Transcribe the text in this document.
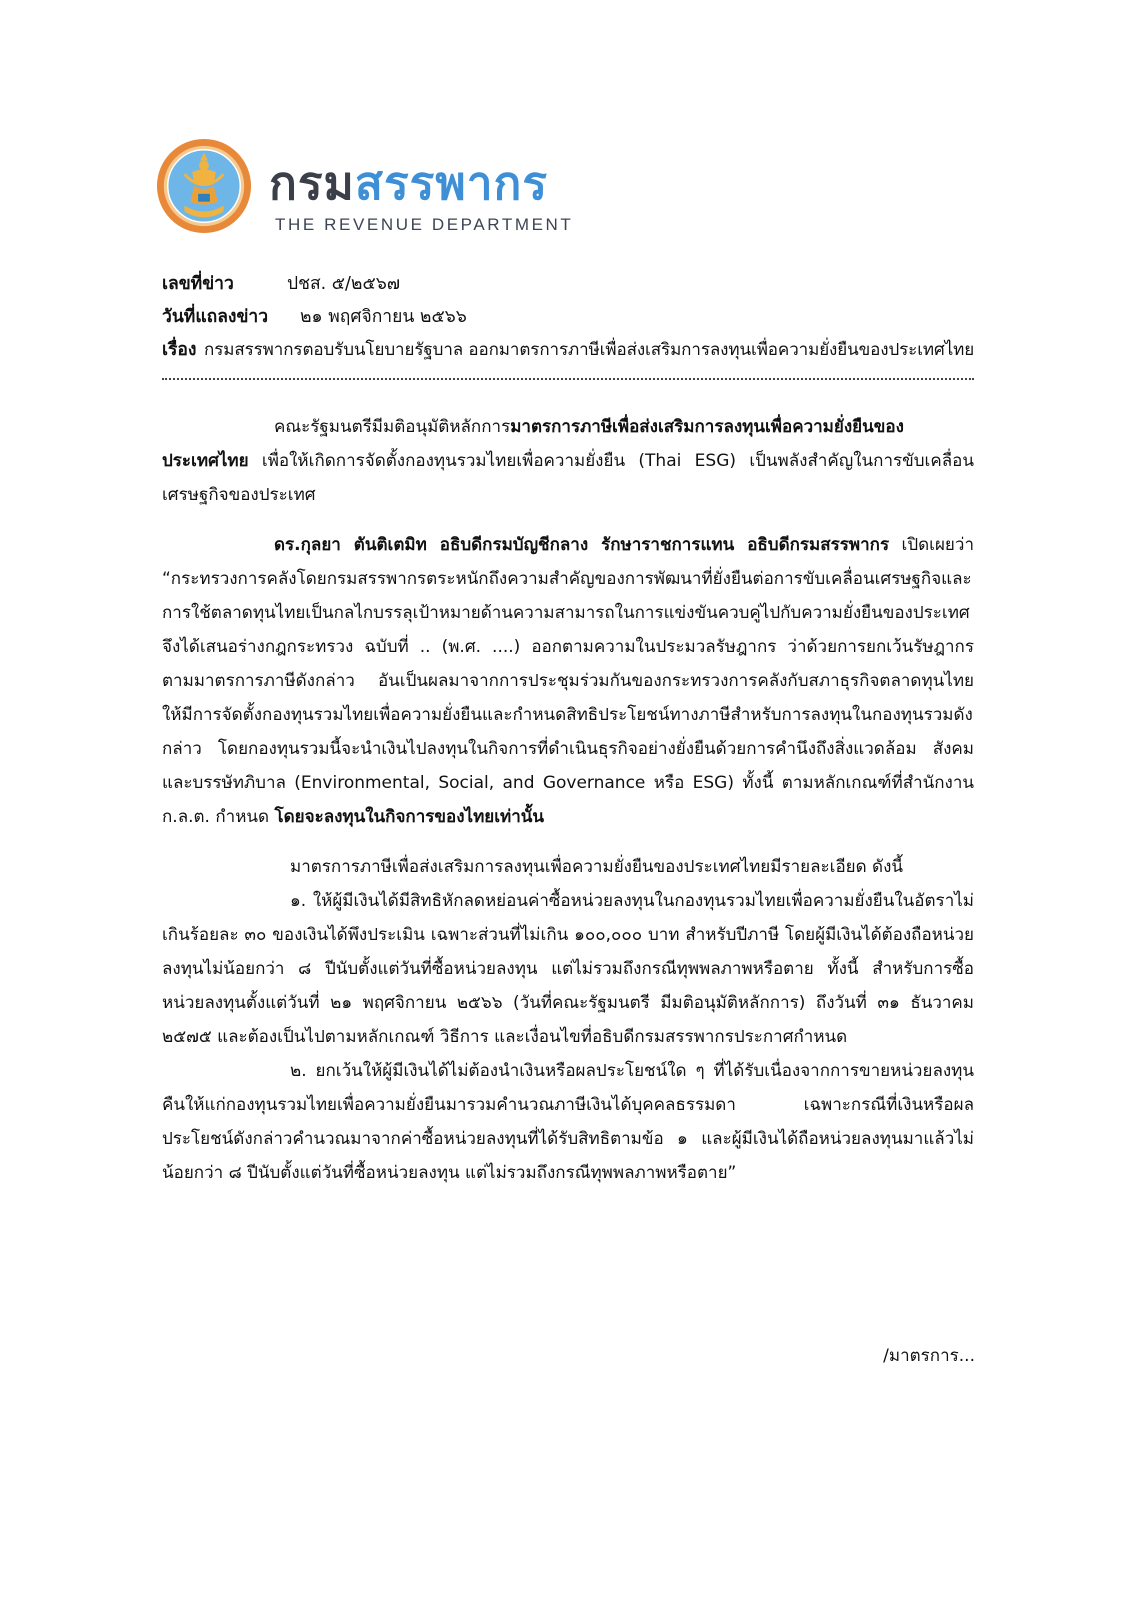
กรมสรรพากร
THE REVENUE DEPARTMENT
เลขที่ข่าว	ปชส. ๕/๒๕๖๗
วันที่แถลงข่าว ๒๑ พฤศจิกายน ๒๕๖๖
เรื่อง กรมสรรพากรตอบรับนโยบายรัฐบาล ออกมาตรการภาษีเพื่อส่งเสริมการลงทุนเพื่อความยั่งยืนของประเทศไทย

คณะรัฐมนตรีมีมติอนุมัติหลักการมาตรการภาษีเพื่อส่งเสริมการลงทุนเพื่อความยั่งยืนของประเทศไทย เพื่อให้เกิดการจัดตั้งกองทุนรวมไทยเพื่อความยั่งยืน (Thai ESG) เป็นพลังสำคัญในการขับเคลื่อนเศรษฐกิจของประเทศ

ดร.กุลยา ตันติเตมิท อธิบดีกรมบัญชีกลาง รักษาราชการแทน อธิบดีกรมสรรพากร เปิดเผยว่า “กระทรวงการคลังโดยกรมสรรพากรตระหนักถึงความสำคัญของการพัฒนาที่ยั่งยืนต่อการขับเคลื่อนเศรษฐกิจและการใช้ตลาดทุนไทยเป็นกลไกบรรลุเป้าหมายด้านความสามารถในการแข่งขันควบคู่ไปกับความยั่งยืนของประเทศ จึงได้เสนอร่างกฎกระทรวง ฉบับที่ .. (พ.ศ. ....) ออกตามความในประมวลรัษฎากร ว่าด้วยการยกเว้นรัษฎากร ตามมาตรการภาษีดังกล่าว อันเป็นผลมาจากการประชุมร่วมกันของกระทรวงการคลังกับสภาธุรกิจตลาดทุนไทยให้มีการจัดตั้งกองทุนรวมไทยเพื่อความยั่งยืนและกำหนดสิทธิประโยชน์ทางภาษีสำหรับการลงทุนในกองทุนรวมดังกล่าว โดยกองทุนรวมนี้จะนำเงินไปลงทุนในกิจการที่ดำเนินธุรกิจอย่างยั่งยืนด้วยการคำนึงถึงสิ่งแวดล้อม สังคม และบรรษัทภิบาล (Environmental, Social, and Governance หรือ ESG) ทั้งนี้ ตามหลักเกณฑ์ที่สำนักงาน ก.ล.ต. กำหนด โดยจะลงทุนในกิจการของไทยเท่านั้น

มาตรการภาษีเพื่อส่งเสริมการลงทุนเพื่อความยั่งยืนของประเทศไทยมีรายละเอียด ดังนี้

๑. ให้ผู้มีเงินได้มีสิทธิหักลดหย่อนค่าซื้อหน่วยลงทุนในกองทุนรวมไทยเพื่อความยั่งยืนในอัตราไม่เกินร้อยละ ๓๐ ของเงินได้พึงประเมิน เฉพาะส่วนที่ไม่เกิน ๑๐๐,๐๐๐ บาท สำหรับปีภาษี โดยผู้มีเงินได้ต้องถือหน่วยลงทุนไม่น้อยกว่า ๘ ปีนับตั้งแต่วันที่ซื้อหน่วยลงทุน แต่ไม่รวมถึงกรณีทุพพลภาพหรือตาย ทั้งนี้ สำหรับการซื้อหน่วยลงทุนตั้งแต่วันที่ ๒๑ พฤศจิกายน ๒๕๖๖ (วันที่คณะรัฐมนตรี มีมติอนุมัติหลักการ) ถึงวันที่ ๓๑ ธันวาคม ๒๕๗๕ และต้องเป็นไปตามหลักเกณฑ์ วิธีการ และเงื่อนไขที่อธิบดีกรมสรรพากรประกาศกำหนด

๒. ยกเว้นให้ผู้มีเงินได้ไม่ต้องนำเงินหรือผลประโยชน์ใด ๆ ที่ได้รับเนื่องจากการขายหน่วยลงทุนคืนให้แก่กองทุนรวมไทยเพื่อความยั่งยืนมารวมคำนวณภาษีเงินได้บุคคลธรรมดา เฉพาะกรณีที่เงินหรือผลประโยชน์ดังกล่าวคำนวณมาจากค่าซื้อหน่วยลงทุนที่ได้รับสิทธิตามข้อ ๑ และผู้มีเงินได้ถือหน่วยลงทุนมาแล้วไม่น้อยกว่า ๘ ปีนับตั้งแต่วันที่ซื้อหน่วยลงทุน แต่ไม่รวมถึงกรณีทุพพลภาพหรือตาย”

/มาตรการ...
